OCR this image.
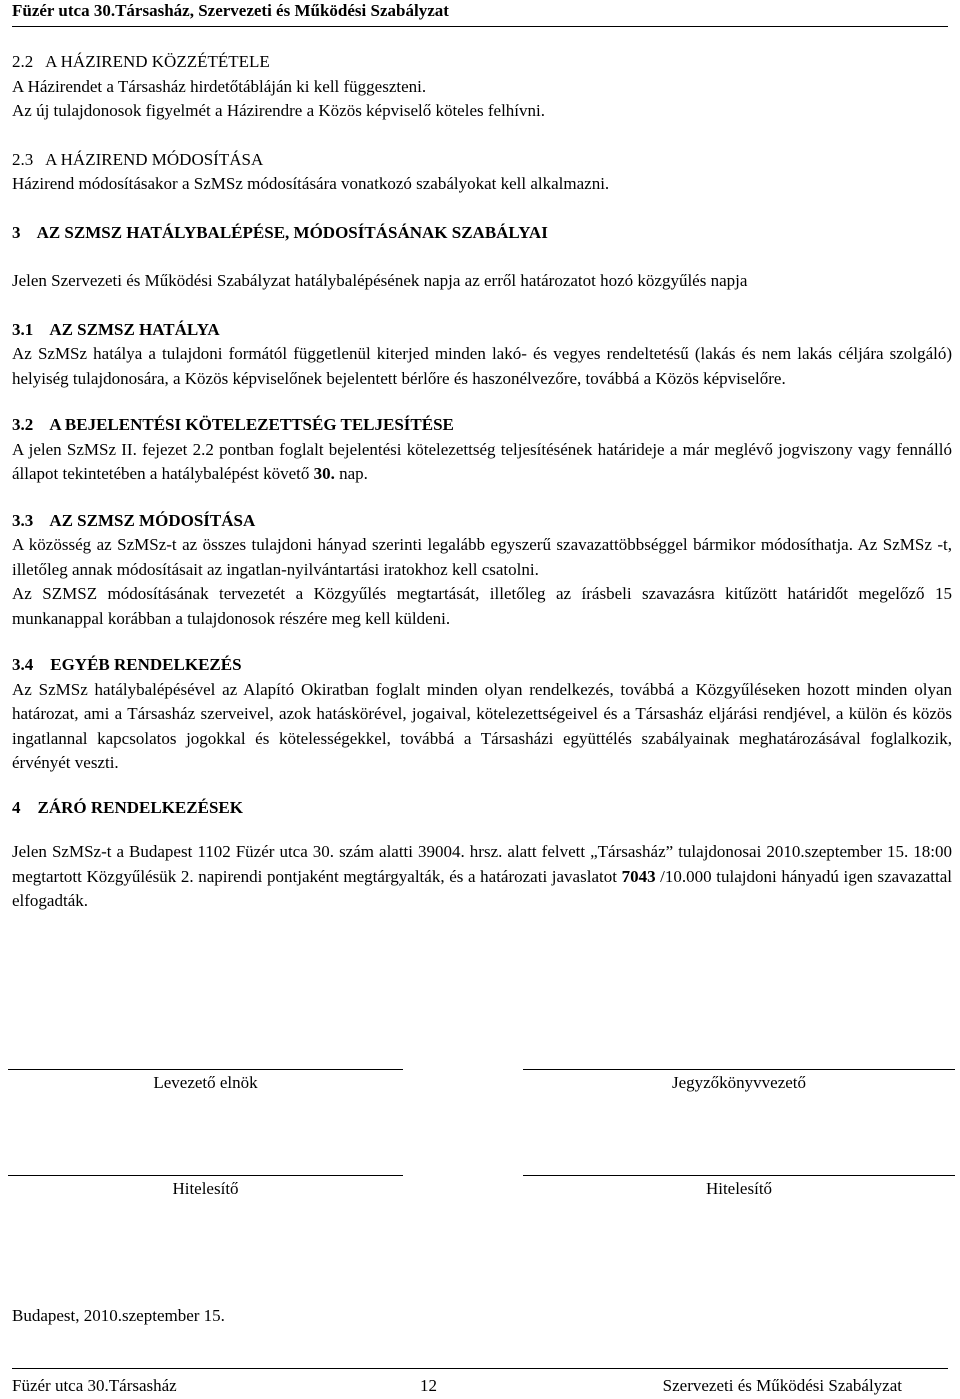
Füzér utca 30.Társasház, Szervezeti és Működési Szabályzat

2.2 A HÁZIREND KÖZZÉTÉTELE

A Házirendet a Társasház hirdetőtábláján ki kell függeszteni.

Az új tulajdonosok figyelmét a Házirendre a Közös képviselő köteles felhívni.

2.3 A HÁZIREND MÓDOSÍTÁSA

Házirend módosításakor a SzMSz módosítására vonatkozó szabályokat kell alkalmazni.

3 AZ SZMSZ HATÁLYBALÉPÉSE, MÓDOSÍTÁSÁNAK SZABÁLYAI

Jelen Szervezeti és Működési Szabályzat hatálybalépésének napja az erről határozatot hozó közgyűlés napja

3.1 AZ SZMSZ HATÁLYA

Az SzMSz hatálya a tulajdoni formától függetlenül kiterjed minden lakó- és vegyes rendeltetésű (lakás és nem lakás céljára szolgáló) helyiség tulajdonosára, a Közös képviselőnek bejelentett bérlőre és haszonélvezőre, továbbá a Közös képviselőre.

3.2 A BEJELENTÉSI KÖTELEZETTSÉG TELJESÍTÉSE

A jelen SzMSz II. fejezet 2.2 pontban foglalt bejelentési kötelezettség teljesítésének határideje a már meglévő jogviszony vagy fennálló állapot tekintetében a hatálybalépést követő 30. nap.

3.3 AZ SZMSZ MÓDOSÍTÁSA

A közösség az SzMSz-t az összes tulajdoni hányad szerinti legalább egyszerű szavazattöbbséggel bármikor módosíthatja. Az SzMSz -t, illetőleg annak módosításait az ingatlan-nyilvántartási iratokhoz kell csatolni.

Az SZMSZ módosításának tervezetét a Közgyűlés megtartását, illetőleg az írásbeli szavazásra kitűzött határidőt megelőző 15 munkanappal korábban a tulajdonosok részére meg kell küldeni.

3.4 EGYÉB RENDELKEZÉS

Az SzMSz hatálybalépésével az Alapító Okiratban foglalt minden olyan rendelkezés, továbbá a Közgyűléseken hozott minden olyan határozat, ami a Társasház szerveivel, azok hatáskörével, jogaival, kötelezettségeivel és a Társasház eljárási rendjével, a külön és közös ingatlannal kapcsolatos jogokkal és kötelességekkel, továbbá a Társasházi együttélés szabályainak meghatározásával foglalkozik, érvényét veszti.

4 ZÁRÓ RENDELKEZÉSEK

Jelen SzMSz-t a Budapest 1102 Füzér utca 30. szám alatti 39004. hrsz. alatt felvett „Társasház” tulajdonosai 2010.szeptember 15. 18:00 megtartott Közgyűlésük 2. napirendi pontjaként megtárgyalták, és a határozati javaslatot 7043 /10.000 tulajdoni hányadú igen szavazattal elfogadták.

Levezető elnök	Jegyzőkönyvvezető
Hitelesítő	Hitelesítő
Budapest, 2010.szeptember 15.
Füzér utca 30.Társasház	12	Szervezeti és Működési Szabályzat
